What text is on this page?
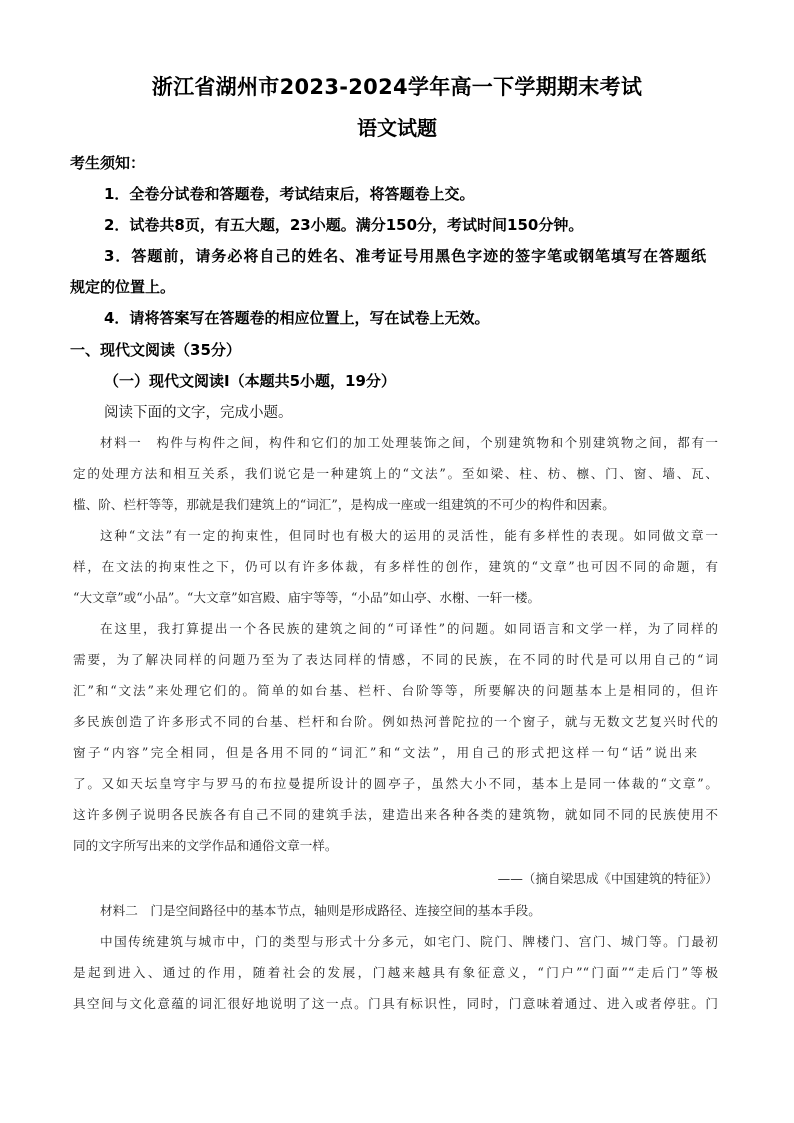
浙江省湖州市2023-2024学年高一下学期期末考试
语文试题
考生须知：
1．全卷分试卷和答题卷，考试结束后，将答题卷上交。
2．试卷共8页，有五大题，23小题。满分150分，考试时间150分钟。
3．答题前，请务必将自己的姓名、准考证号用黑色字迹的签字笔或钢笔填写在答题纸
规定的位置上。
4．请将答案写在答题卷的相应位置上，写在试卷上无效。
一、现代文阅读（35分）
（一）现代文阅读Ⅰ（本题共5小题，19分）
阅读下面的文字，完成小题。
材料一　构件与构件之间，构件和它们的加工处理装饰之间，个别建筑物和个别建筑物之间，都有一
定的处理方法和相互关系，我们说它是一种建筑上的“文法”。至如梁、柱、枋、檩、门、窗、墙、瓦、
槛、阶、栏杆等等，那就是我们建筑上的“词汇”，是构成一座或一组建筑的不可少的构件和因素。
这种“文法”有一定的拘束性，但同时也有极大的运用的灵活性，能有多样性的表现。如同做文章一
样，在文法的拘束性之下，仍可以有许多体裁，有多样性的创作，建筑的“文章”也可因不同的命题，有
“大文章”或“小品”。“大文章”如宫殿、庙宇等等，“小品”如山亭、水榭、一轩一楼。
在这里，我打算提出一个各民族的建筑之间的“可译性”的问题。如同语言和文学一样，为了同样的
需要，为了解决同样的问题乃至为了表达同样的情感，不同的民族，在不同的时代是可以用自己的“词
汇”和“文法”来处理它们的。简单的如台基、栏杆、台阶等等，所要解决的问题基本上是相同的，但许
多民族创造了许多形式不同的台基、栏杆和台阶。例如热河普陀拉的一个窗子，就与无数文艺复兴时代的
窗子“内容”完全相同，但是各用不同的“词汇”和“文法”，用自己的形式把这样一句“话”说出来
了。又如天坛皇穹宇与罗马的布拉曼提所设计的圆亭子，虽然大小不同，基本上是同一体裁的“文章”。
这许多例子说明各民族各有自己不同的建筑手法，建造出来各种各类的建筑物，就如同不同的民族使用不
同的文字所写出来的文学作品和通俗文章一样。
——（摘自梁思成《中国建筑的特征》）
材料二　门是空间路径中的基本节点，轴则是形成路径、连接空间的基本手段。
中国传统建筑与城市中，门的类型与形式十分多元，如宅门、院门、牌楼门、宫门、城门等。门最初
是起到进入、通过的作用，随着社会的发展，门越来越具有象征意义，“门户”“门面”“走后门”等极
具空间与文化意蕴的词汇很好地说明了这一点。门具有标识性，同时，门意味着通过、进入或者停驻。门
